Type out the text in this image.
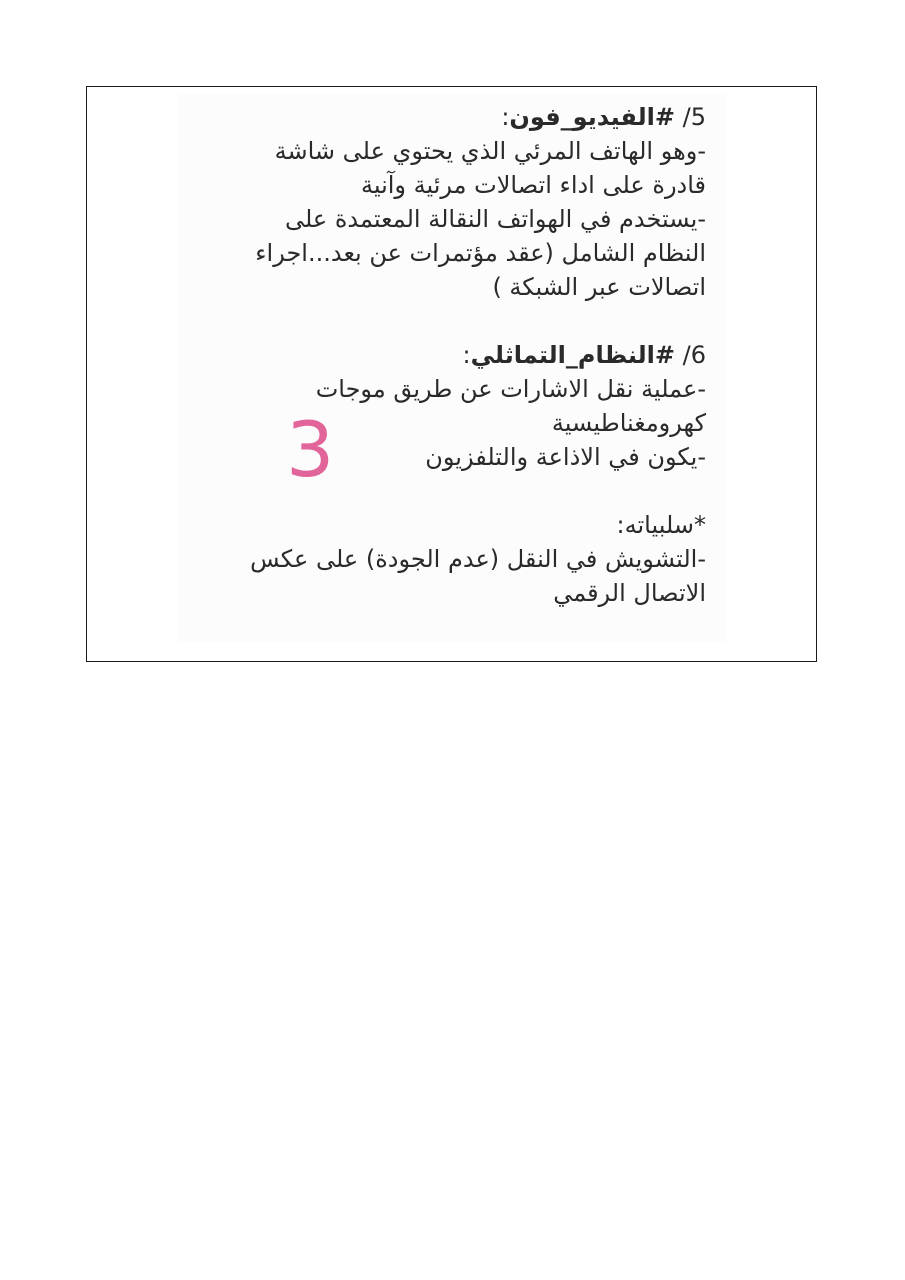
5/ #الفيديو_فون:
-وهو الهاتف المرئي الذي يحتوي على شاشة
قادرة على اداء اتصالات مرئية وآنية
-يستخدم في الهواتف النقالة المعتمدة على
النظام الشامل (عقد مؤتمرات عن بعد...اجراء
اتصالات عبر الشبكة )
6/ #النظام_التماثلي:
-عملية نقل الاشارات عن طريق موجات
كهرومغناطيسية
-يكون في الاذاعة والتلفزيون
*سلبياته:
-التشويش في النقل (عدم الجودة) على عكس
الاتصال الرقمي
3
